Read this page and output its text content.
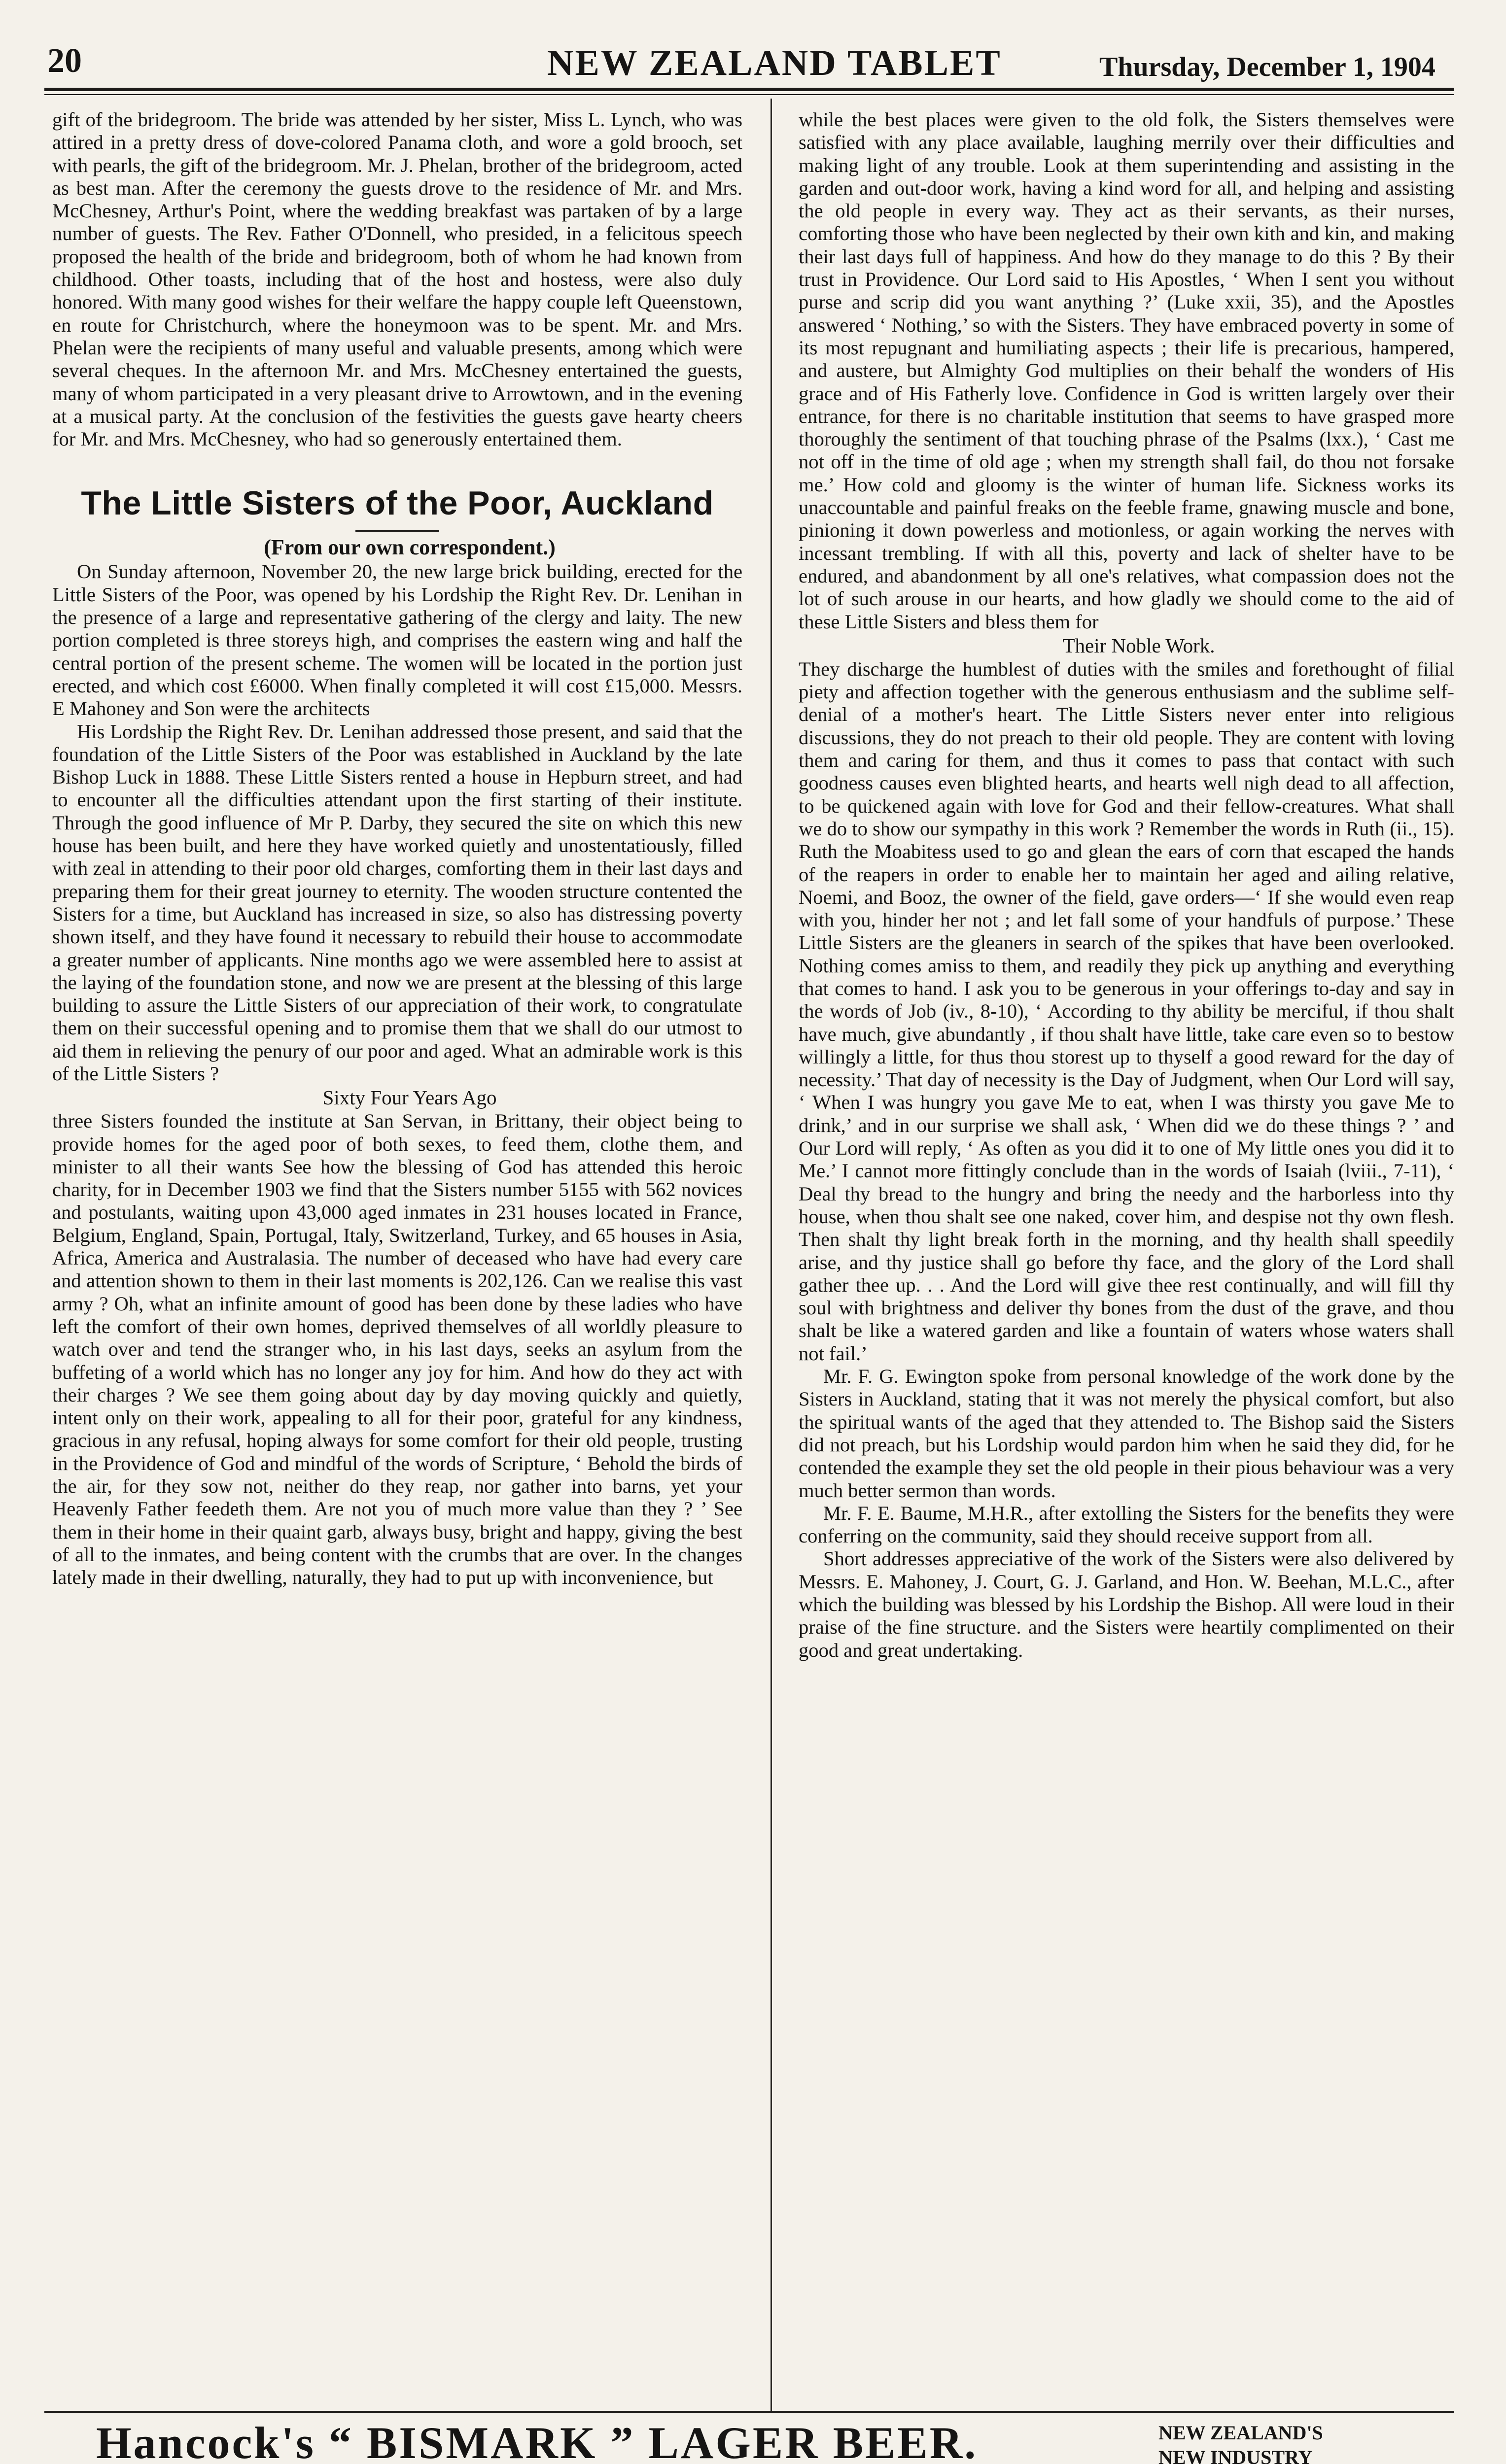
20	NEW ZEALAND TABLET	Thursday, December 1, 1904

gift of the bridegroom. The bride was attended by her sister, Miss L. Lynch, who was attired in a pretty dress of dove-colored Panama cloth, and wore a gold brooch, set with pearls, the gift of the bridegroom. Mr. J. Phelan, brother of the bridegroom, acted as best man. After the ceremony the guests drove to the residence of Mr. and Mrs. McChesney, Arthur's Point, where the wedding breakfast was partaken of by a large number of guests. The Rev. Father O'Donnell, who presided, in a felicitous speech proposed the health of the bride and bridegroom, both of whom he had known from childhood. Other toasts, including that of the host and hostess, were also duly honored. With many good wishes for their welfare the happy couple left Queenstown, en route for Christchurch, where the honeymoon was to be spent. Mr. and Mrs. Phelan were the recipients of many useful and valuable presents, among which were several cheques. In the afternoon Mr. and Mrs. McChesney entertained the guests, many of whom participated in a very pleasant drive to Arrowtown, and in the evening at a musical party. At the conclusion of the festivities the guests gave hearty cheers for Mr. and Mrs. McChesney, who had so generously entertained them.

The Little Sisters of the Poor, Auckland

(From our own correspondent.)

On Sunday afternoon, November 20, the new large brick building, erected for the Little Sisters of the Poor, was opened by his Lordship the Right Rev. Dr. Lenihan in the presence of a large and representative gathering of the clergy and laity. The new portion completed is three storeys high, and comprises the eastern wing and half the central portion of the present scheme. The women will be located in the portion just erected, and which cost £6000. When finally completed it will cost £15,000. Messrs. E Mahoney and Son were the architects

His Lordship the Right Rev. Dr. Lenihan addressed those present, and said that the foundation of the Little Sisters of the Poor was established in Auckland by the late Bishop Luck in 1888. These Little Sisters rented a house in Hepburn street, and had to encounter all the difficulties attendant upon the first starting of their institute. Through the good influence of Mr P. Darby, they secured the site on which this new house has been built, and here they have worked quietly and unostentatiously, filled with zeal in attending to their poor old charges, comforting them in their last days and preparing them for their great journey to eternity. The wooden structure contented the Sisters for a time, but Auckland has increased in size, so also has distressing poverty shown itself, and they have found it necessary to rebuild their house to accommodate a greater number of applicants. Nine months ago we were assembled here to assist at the laying of the foundation stone, and now we are present at the blessing of this large building to assure the Little Sisters of our appreciation of their work, to congratulate them on their successful opening and to promise them that we shall do our utmost to aid them in relieving the penury of our poor and aged. What an admirable work is this of the Little Sisters ?

Sixty Four Years Ago

three Sisters founded the institute at San Servan, in Brittany, their object being to provide homes for the aged poor of both sexes, to feed them, clothe them, and minister to all their wants See how the blessing of God has attended this heroic charity, for in December 1903 we find that the Sisters number 5155 with 562 novices and postulants, waiting upon 43,000 aged inmates in 231 houses located in France, Belgium, England, Spain, Portugal, Italy, Switzerland, Turkey, and 65 houses in Asia, Africa, America and Australasia. The number of deceased who have had every care and attention shown to them in their last moments is 202,126. Can we realise this vast army ? Oh, what an infinite amount of good has been done by these ladies who have left the comfort of their own homes, deprived themselves of all worldly pleasure to watch over and tend the stranger who, in his last days, seeks an asylum from the buffeting of a world which has no longer any joy for him. And how do they act with their charges ? We see them going about day by day moving quickly and quietly, intent only on their work, appealing to all for their poor, grateful for any kindness, gracious in any refusal, hoping always for some comfort for their old people, trusting in the Providence of God and mindful of the words of Scripture, ‘ Behold the birds of the air, for they sow not, neither do they reap, nor gather into barns, yet your Heavenly Father feedeth them. Are not you of much more value than they ? ’ See them in their home in their quaint garb, always busy, bright and happy, giving the best of all to the inmates, and being content with the crumbs that are over. In the changes lately made in their dwelling, naturally, they had to put up with inconvenience, but

while the best places were given to the old folk, the Sisters themselves were satisfied with any place available, laughing merrily over their difficulties and making light of any trouble. Look at them superintending and assisting in the garden and out-door work, having a kind word for all, and helping and assisting the old people in every way. They act as their servants, as their nurses, comforting those who have been neglected by their own kith and kin, and making their last days full of happiness. And how do they manage to do this ? By their trust in Providence. Our Lord said to His Apostles, ‘ When I sent you without purse and scrip did you want anything ?’ (Luke xxii, 35), and the Apostles answered ‘ Nothing,’ so with the Sisters. They have embraced poverty in some of its most repugnant and humiliating aspects ; their life is precarious, hampered, and austere, but Almighty God multiplies on their behalf the wonders of His grace and of His Fatherly love. Confidence in God is written largely over their entrance, for there is no charitable institution that seems to have grasped more thoroughly the sentiment of that touching phrase of the Psalms (lxx.), ‘ Cast me not off in the time of old age ; when my strength shall fail, do thou not forsake me.’ How cold and gloomy is the winter of human life. Sickness works its unaccountable and painful freaks on the feeble frame, gnawing muscle and bone, pinioning it down powerless and motionless, or again working the nerves with incessant trembling. If with all this, poverty and lack of shelter have to be endured, and abandonment by all one's relatives, what compassion does not the lot of such arouse in our hearts, and how gladly we should come to the aid of these Little Sisters and bless them for

Their Noble Work.

They discharge the humblest of duties with the smiles and forethought of filial piety and affection together with the generous enthusiasm and the sublime self-denial of a mother's heart. The Little Sisters never enter into religious discussions, they do not preach to their old people. They are content with loving them and caring for them, and thus it comes to pass that contact with such goodness causes even blighted hearts, and hearts well nigh dead to all affection, to be quickened again with love for God and their fellow-creatures. What shall we do to show our sympathy in this work ? Remember the words in Ruth (ii., 15). Ruth the Moabitess used to go and glean the ears of corn that escaped the hands of the reapers in order to enable her to maintain her aged and ailing relative, Noemi, and Booz, the owner of the field, gave orders—‘ If she would even reap with you, hinder her not ; and let fall some of your handfuls of purpose.’ These Little Sisters are the gleaners in search of the spikes that have been overlooked. Nothing comes amiss to them, and readily they pick up anything and everything that comes to hand. I ask you to be generous in your offerings to-day and say in the words of Job (iv., 8-10), ‘ According to thy ability be merciful, if thou shalt have much, give abundantly , if thou shalt have little, take care even so to bestow willingly a little, for thus thou storest up to thyself a good reward for the day of necessity.’ That day of necessity is the Day of Judgment, when Our Lord will say, ‘ When I was hungry you gave Me to eat, when I was thirsty you gave Me to drink,’ and in our surprise we shall ask, ‘ When did we do these things ? ’ and Our Lord will reply, ‘ As often as you did it to one of My little ones you did it to Me.’ I cannot more fittingly conclude than in the words of Isaiah (lviii., 7-11), ‘ Deal thy bread to the hungry and bring the needy and the harborless into thy house, when thou shalt see one naked, cover him, and despise not thy own flesh. Then shalt thy light break forth in the morning, and thy health shall speedily arise, and thy justice shall go before thy face, and the glory of the Lord shall gather thee up. . . And the Lord will give thee rest continually, and will fill thy soul with brightness and deliver thy bones from the dust of the grave, and thou shalt be like a watered garden and like a fountain of waters whose waters shall not fail.’

Mr. F. G. Ewington spoke from personal knowledge of the work done by the Sisters in Auckland, stating that it was not merely the physical comfort, but also the spiritual wants of the aged that they attended to. The Bishop said the Sisters did not preach, but his Lordship would pardon him when he said they did, for he contended the example they set the old people in their pious behaviour was a very much better sermon than words.

Mr. F. E. Baume, M.H.R., after extolling the Sisters for the benefits they were conferring on the community, said they should receive support from all.

Short addresses appreciative of the work of the Sisters were also delivered by Messrs. E. Mahoney, J. Court, G. J. Garland, and Hon. W. Beehan, M.L.C., after which the building was blessed by his Lordship the Bishop. All were loud in their praise of the fine structure. and the Sisters were heartily complimented on their good and great undertaking.

Hancock's “ BISMARK ” LAGER BEER.	NEW ZEALAND'S
NEW INDUSTRY
